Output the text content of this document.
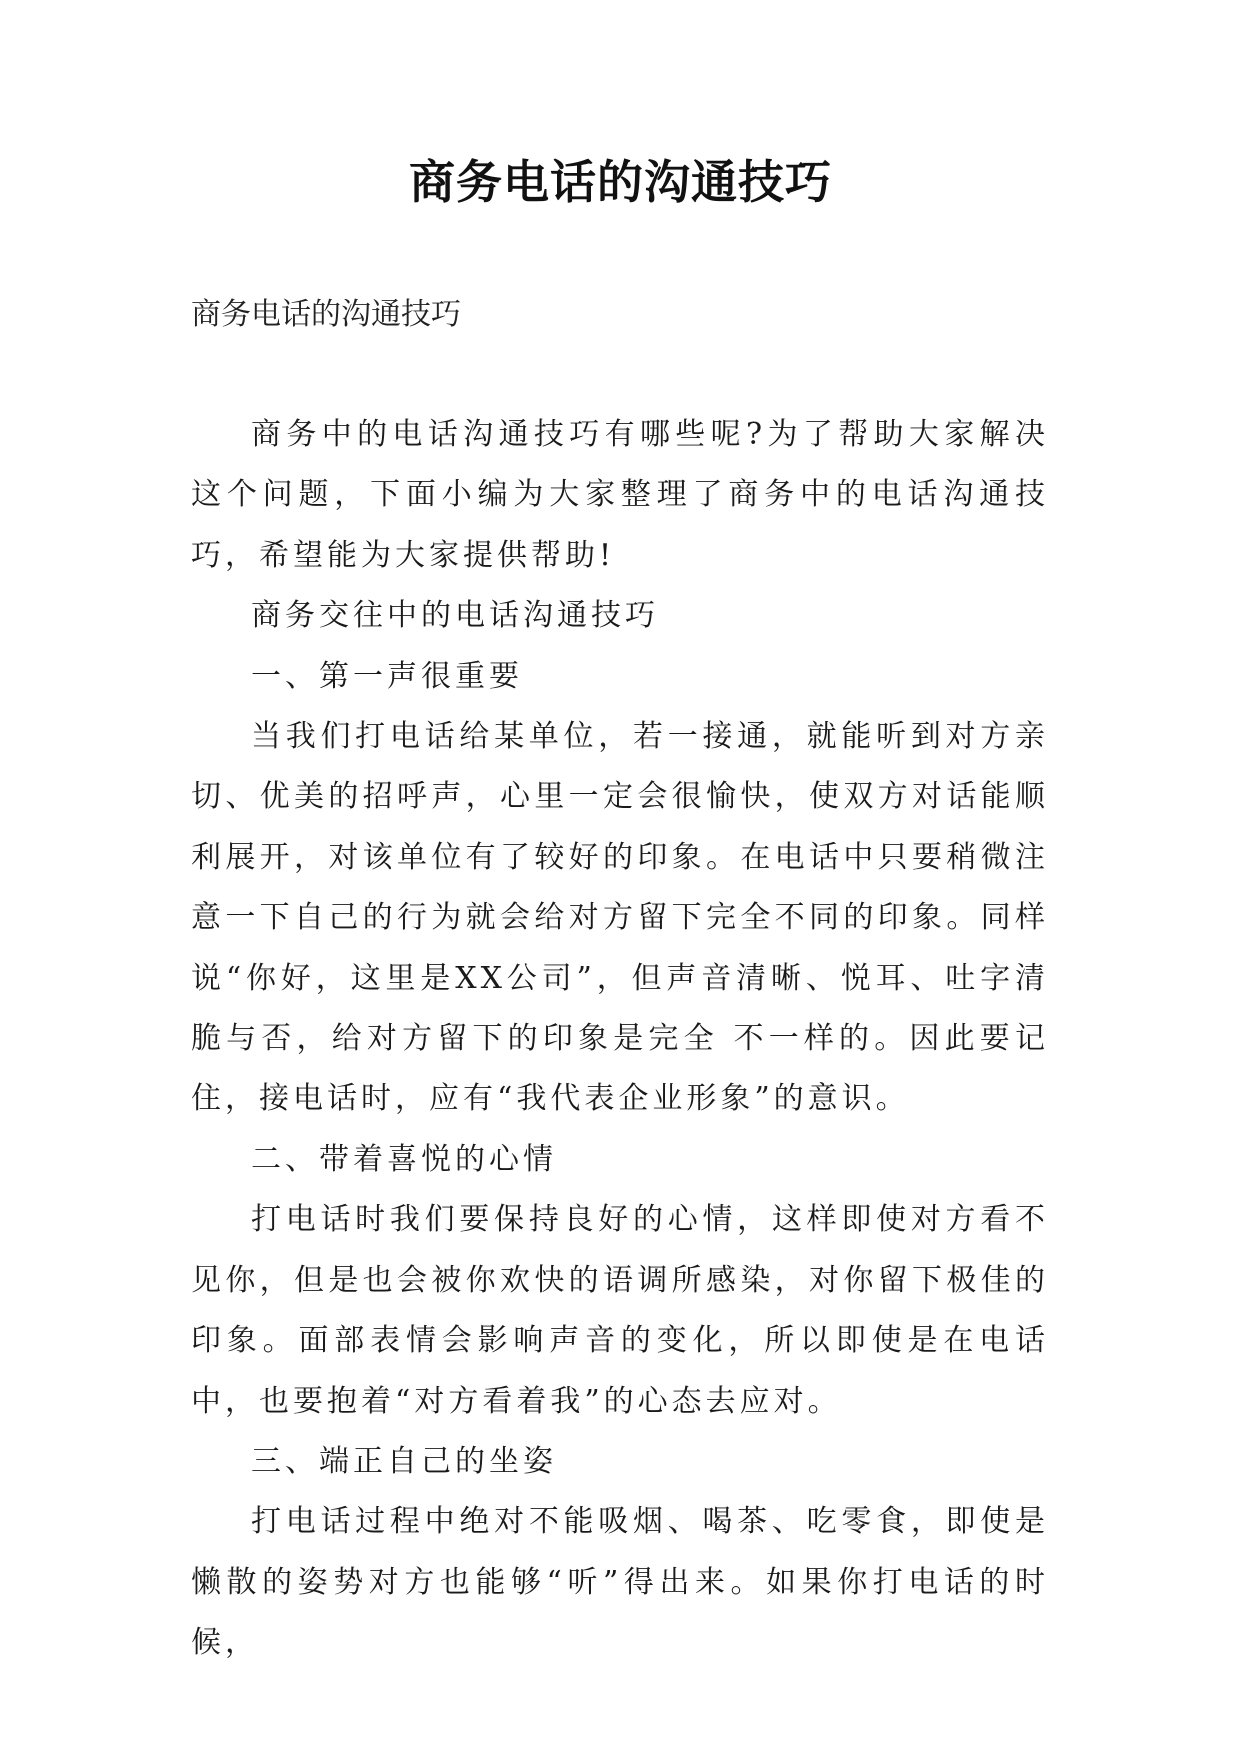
商务电话的沟通技巧
商务电话的沟通技巧

商务中的电话沟通技巧有哪些呢?为了帮助大家解决这个问题，下面小编为大家整理了商务中的电话沟通技巧，希望能为大家提供帮助!

商务交往中的电话沟通技巧

一、第一声很重要

当我们打电话给某单位，若一接通，就能听到对方亲切、优美的招呼声，心里一定会很愉快，使双方对话能顺利展开，对该单位有了较好的印象。在电话中只要稍微注意一下自己的行为就会给对方留下完全不同的印象。同样说“你好，这里是XX公司”，但声音清晰、悦耳、吐字清脆与否，给对方留下的印象是完全 不一样的。因此要记住，接电话时，应有“我代表企业形象”的意识。

二、带着喜悦的心情

打电话时我们要保持良好的心情，这样即使对方看不见你，但是也会被你欢快的语调所感染，对你留下极佳的印象。面部表情会影响声音的变化，所以即使是在电话中，也要抱着“对方看着我”的心态去应对。

三、端正自己的坐姿

打电话过程中绝对不能吸烟、喝茶、吃零食，即使是懒散的姿势对方也能够“听”得出来。如果你打电话的时候，
